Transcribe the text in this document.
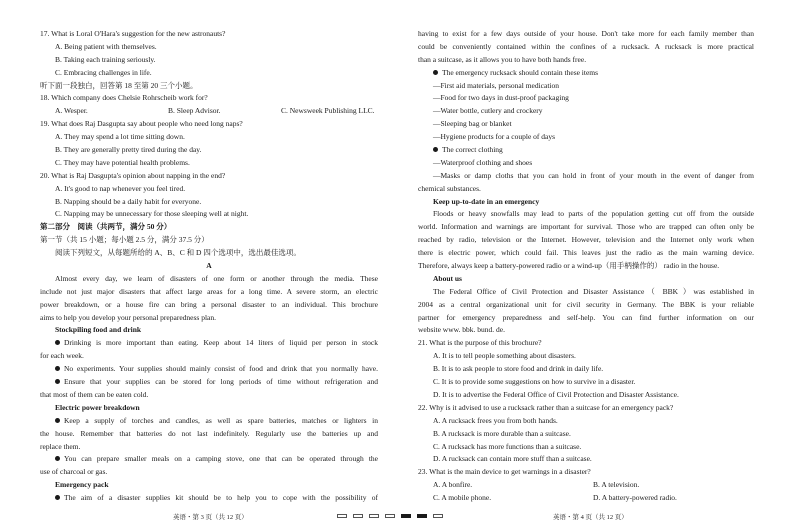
17. What is Loral O'Hara's suggestion for the new astronauts?
A. Being patient with themselves.
B. Taking each training seriously.
C. Embracing challenges in life.
听下面一段独白，回答第 18 至第 20 三个小题。
18. Which company does Chelsie Rohrscheib work for?
A. Wesper.	B. Sleep Advisor.	C. Newsweek Publishing LLC.
19. What does Raj Dasgupta say about people who need long naps?
A. They may spend a lot time sitting down.
B. They are generally pretty tired during the day.
C. They may have potential health problems.
20. What is Raj Dasgupta's opinion about napping in the end?
A. It's good to nap whenever you feel tired.
B. Napping should be a daily habit for everyone.
C. Napping may be unnecessary for those sleeping well at night.
第二部分　阅读（共两节，满分 50 分）
第一节（共 15 小题；每小题 2.5 分，满分 37.5 分）
阅读下列短文，从每题所给的 A、B、C 和 D 四个选项中，选出最佳选项。
A
Almost every day, we learn of disasters of one form or another through the media. These
include not just major disasters that affect large areas for a long time. A severe storm, an electric
power breakdown, or a house fire can bring a personal disaster to an individual. This brochure
aims to help you develop your personal preparedness plan.
Stockpiling food and drink
Drinking is more important than eating. Keep about 14 liters of liquid per person in stock
for each week.
No experiments. Your supplies should mainly consist of food and drink that you normally have.
Ensure that your supplies can be stored for long periods of time without refrigeration and
that most of them can be eaten cold.
Electric power breakdown
Keep a supply of torches and candles, as well as spare batteries, matches or lighters in
the house. Remember that batteries do not last indefinitely. Regularly use the batteries up and
replace them.
You can prepare smaller meals on a camping stove, one that can be operated through the
use of charcoal or gas.
Emergency pack
The aim of a disaster supplies kit should be to help you to cope with the possibility of
having to exist for a few days outside of your house. Don't take more for each family member than
could be conveniently contained within the confines of a rucksack. A rucksack is more practical
than a suitcase, as it allows you to have both hands free.
The emergency rucksack should contain these items
—First aid materials, personal medication
—Food for two days in dust-proof packaging
—Water bottle, cutlery and crockery
—Sleeping bag or blanket
—Hygiene products for a couple of days
The correct clothing
—Waterproof clothing and shoes
—Masks or damp cloths that you can hold in front of your mouth in the event of danger from
chemical substances.
Keep up-to-date in an emergency
Floods or heavy snowfalls may lead to parts of the population getting cut off from the outside
world. Information and warnings are important for survival. Those who are trapped can often only be
reached by radio, television or the Internet. However, television and the Internet only work when
there is electric power, which could fail. This leaves just the radio as the main warning device.
Therefore, always keep a battery-powered radio or a wind-up（用手柄操作的） radio in the house.
About us
The Federal Office of Civil Protection and Disaster Assistance（ BBK ）was established in
2004 as a central organizational unit for civil security in Germany. The BBK is your reliable
partner for emergency preparedness and self-help. You can find further information on our
website www. bbk. bund. de.
21. What is the purpose of this brochure?
A. It is to tell people something about disasters.
B. It is to ask people to store food and drink in daily life.
C. It is to provide some suggestions on how to survive in a disaster.
D. It is to advertise the Federal Office of Civil Protection and Disaster Assistance.
22. Why is it advised to use a rucksack rather than a suitcase for an emergency pack?
A. A rucksack frees you from both hands.
B. A rucksack is more durable than a suitcase.
C. A rucksack has more functions than a suitcase.
D. A rucksack can contain more stuff than a suitcase.
23. What is the main device to get warnings in a disaster?
A. A bonfire.	B. A television.
C. A mobile phone.	D. A battery-powered radio.
英语・第 3 页（共 12 页）	英语・第 4 页（共 12 页）
